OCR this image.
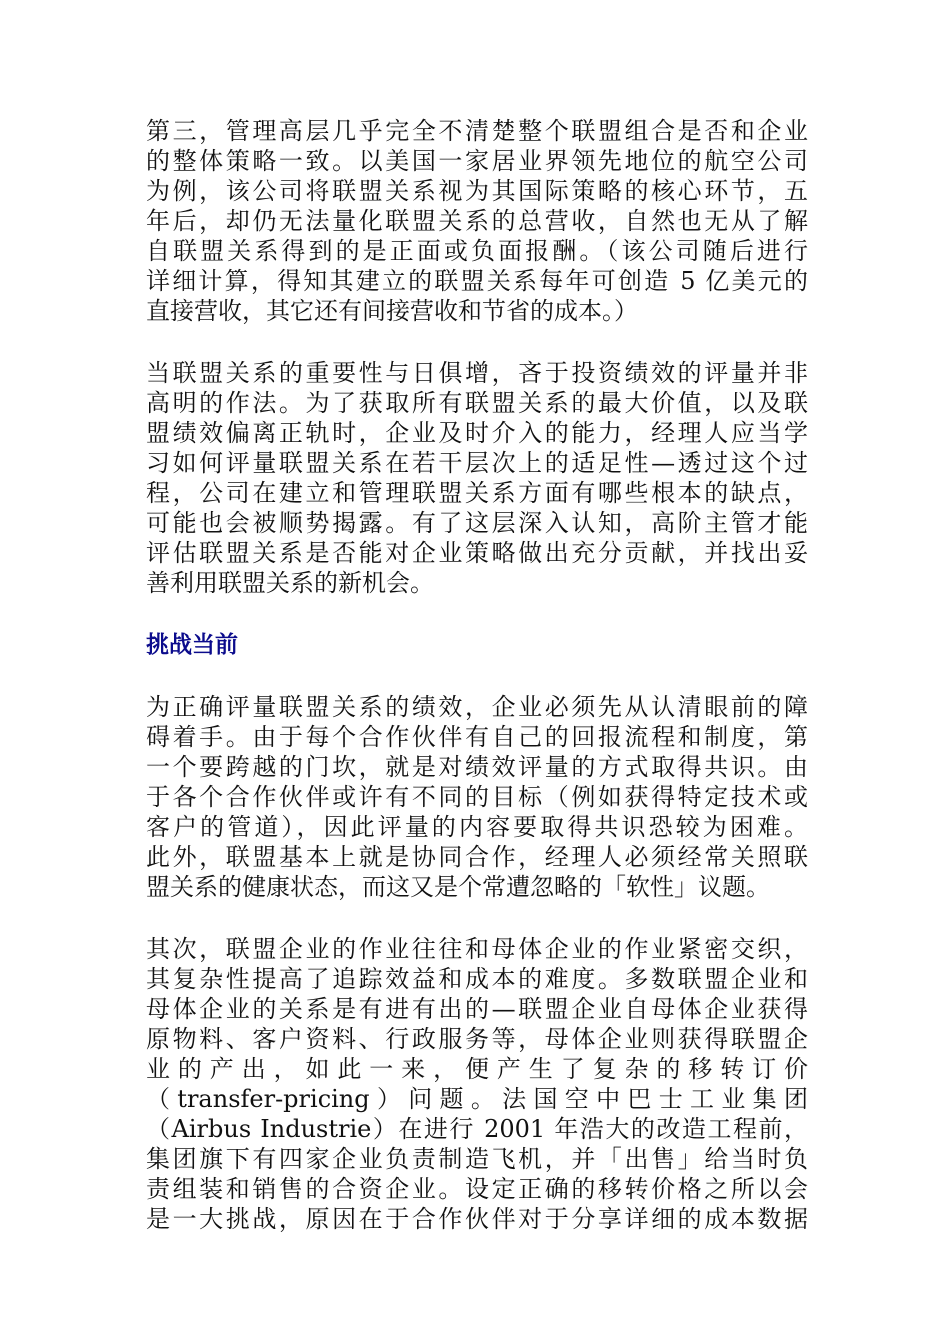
第三，管理高层几乎完全不清楚整个联盟组合是否和企业
的整体策略一致。以美国一家居业界领先地位的航空公司
为例，该公司将联盟关系视为其国际策略的核心环节，五
年后，却仍无法量化联盟关系的总营收，自然也无从了解
自联盟关系得到的是正面或负面报酬。（该公司随后进行
详细计算，得知其建立的联盟关系每年可创造 5 亿美元的
直接营收，其它还有间接营收和节省的成本。）
当联盟关系的重要性与日俱增，吝于投资绩效的评量并非
高明的作法。为了获取所有联盟关系的最大价值，以及联
盟绩效偏离正轨时，企业及时介入的能力，经理人应当学
习如何评量联盟关系在若干层次上的适足性—透过这个过
程，公司在建立和管理联盟关系方面有哪些根本的缺点，
可能也会被顺势揭露。有了这层深入认知，高阶主管才能
评估联盟关系是否能对企业策略做出充分贡献，并找出妥
善利用联盟关系的新机会。
挑战当前
为正确评量联盟关系的绩效，企业必须先从认清眼前的障
碍着手。由于每个合作伙伴有自己的回报流程和制度，第
一个要跨越的门坎，就是对绩效评量的方式取得共识。由
于各个合作伙伴或许有不同的目标（例如获得特定技术或
客户的管道），因此评量的内容要取得共识恐较为困难。
此外，联盟基本上就是协同合作，经理人必须经常关照联
盟关系的健康状态，而这又是个常遭忽略的「软性」议题。
其次，联盟企业的作业往往和母体企业的作业紧密交织，
其复杂性提高了追踪效益和成本的难度。多数联盟企业和
母体企业的关系是有进有出的—联盟企业自母体企业获得
原物料、客户资料、行政服务等，母体企业则获得联盟企
业的产出，如此一来，便产生了复杂的移转订价
（transfer-pricing）问题。法国空中巴士工业集团
（Airbus Industrie）在进行 2001 年浩大的改造工程前，
集团旗下有四家企业负责制造飞机，并「出售」给当时负
责组装和销售的合资企业。设定正确的移转价格之所以会
是一大挑战，原因在于合作伙伴对于分享详细的成本数据
